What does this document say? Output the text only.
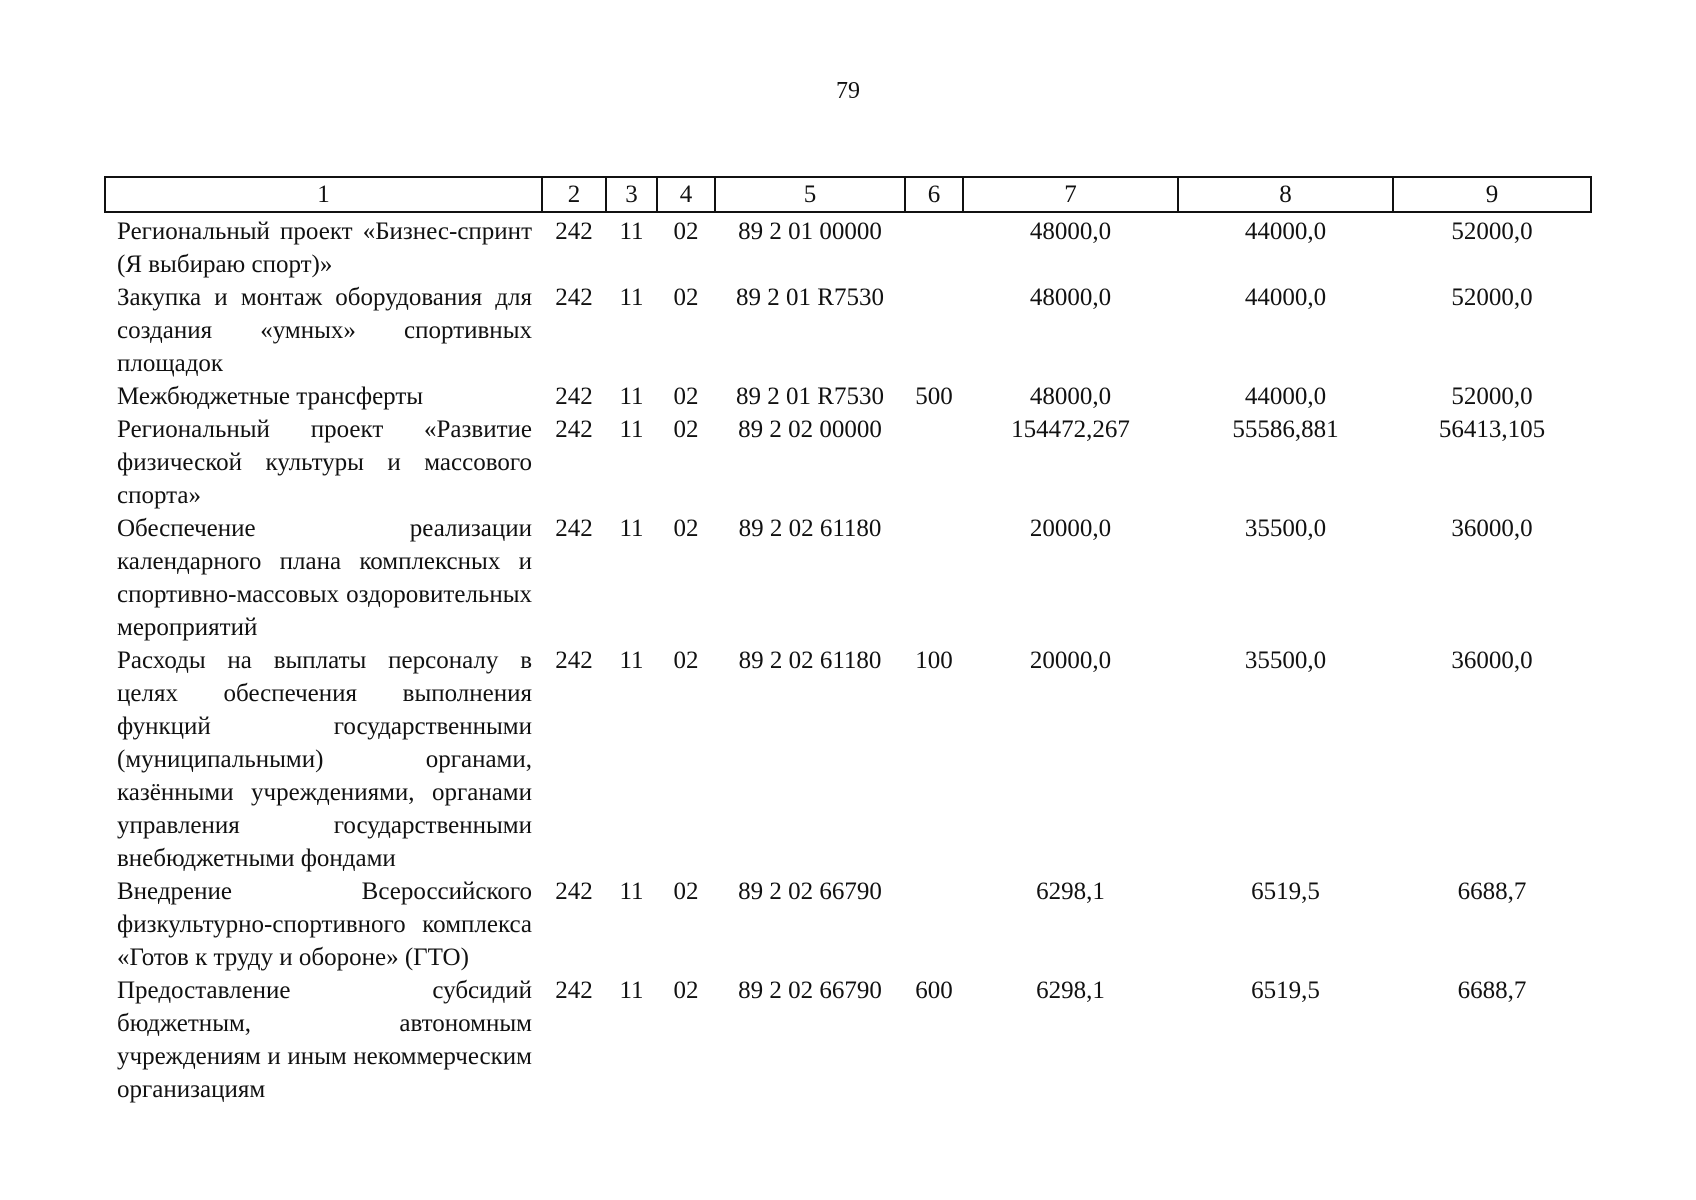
79
1	2	3	4	5	6	7	8	9
Региональный проект «Бизнес-спринт (Я выбираю спорт)»	242	11	02	89 2 01 00000		48000,0	44000,0	52000,0
Закупка и монтаж оборудования для создания «умных» спортивных площадок	242	11	02	89 2 01 R7530		48000,0	44000,0	52000,0
Межбюджетные трансферты	242	11	02	89 2 01 R7530	500	48000,0	44000,0	52000,0
Региональный проект «Развитие физической культуры и массового спорта»	242	11	02	89 2 02 00000		154472,267	55586,881	56413,105
Обеспечение реализации календарного плана комплексных и спортивно-массовых оздоровительных мероприятий	242	11	02	89 2 02 61180		20000,0	35500,0	36000,0
Расходы на выплаты персоналу в целях обеспечения выполнения функций государственными (муниципальными) органами, казёнными учреждениями, органами управления государственными внебюджетными фондами	242	11	02	89 2 02 61180	100	20000,0	35500,0	36000,0
Внедрение Всероссийского физкультурно-спортивного комплекса «Готов к труду и обороне» (ГТО)	242	11	02	89 2 02 66790		6298,1	6519,5	6688,7
Предоставление субсидий бюджетным, автономным учреждениям и иным некоммерческим организациям	242	11	02	89 2 02 66790	600	6298,1	6519,5	6688,7
